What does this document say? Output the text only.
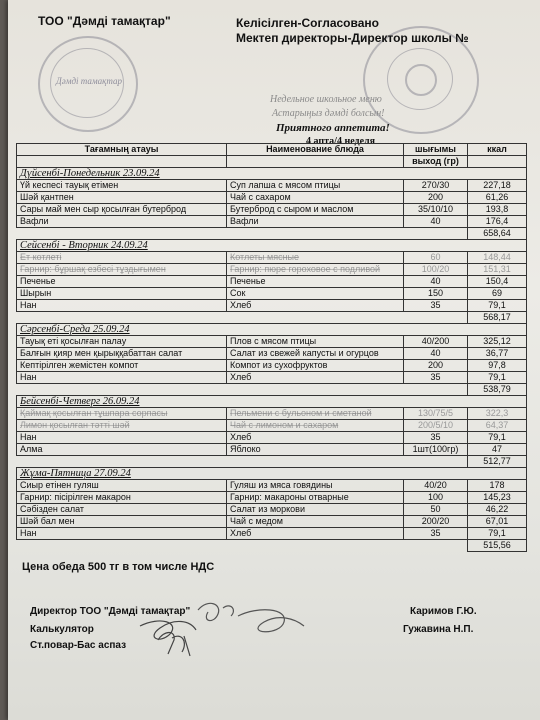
Дәмді тамақтар
ТОО "Дәмді тамақтар"	Келісілген-Согласовано
Мектеп директоры-Директор школы №
Недельное школьное меню
Астарыңыз дәмді болсын!
Приятного аппетита!
4 апта/4 неделя
Тағамның атауы	Наименование блюда	шығымы	ккал
		выход (гр)	
Дүйсенбі-Понедельник 23.09.24			
Үй кеспесі тауық етімен	Суп лапша с мясом птицы	270/30	227,18
Шәй қантпен	Чай с сахаром	200	61,26
Сары май мен сыр қосылған бутерброд	Бутерброд с сыром и маслом	35/10/10	193,8
Вафли	Вафли	40	176,4
			658,64
Сейсенбі - Вторник 24.09.24			
Ет котлеті	Котлеты мясные	60	148,44
Гарнир: бұршақ езбесі тұздығымен	Гарнир: пюре гороховое с подливой	100/20	151,31
Печенье	Печенье	40	150,4
Шырын	Сок	150	69
Нан	Хлеб	35	79,1
			568,17
Сәрсенбі-Среда 25.09.24			
Тауық еті қосылған палау	Плов с мясом птицы	40/200	325,12
Балғын қияр мен қырыққабаттан салат	Салат из свежей капусты и огурцов	40	36,77
Кептірілген жемістен компот	Компот из сухофруктов	200	97,8
Нан	Хлеб	35	79,1
			538,79
Бейсенбі-Четверг 26.09.24			
Қаймақ қосылған тұшпара сорпасы	Пельмени с бульоном и сметаной	130/75/5	322,3
Лимон қосылған тәтті шәй	Чай с лимоном и сахаром	200/5/10	64,37
Нан	Хлеб	35	79,1
Алма	Яблоко	1шт(100гр)	47
			512,77
Жұма-Пятница 27.09.24			
Сиыр етінен гуляш	Гуляш из мяса говядины	40/20	178
Гарнир: пісірілген макарон	Гарнир: макароны отварные	100	145,23
Сәбізден салат	Салат из моркови	50	46,22
Шәй бал мен	Чай с медом	200/20	67,01
Нан	Хлеб	35	79,1
			515,56
Цена обеда 500 тг в том числе НДС
Директор ТОО "Дәмді тамақтар"
Калькулятор
Ст.повар-Бас аспаз
Каримов Г.Ю.
Гужавина Н.П.
